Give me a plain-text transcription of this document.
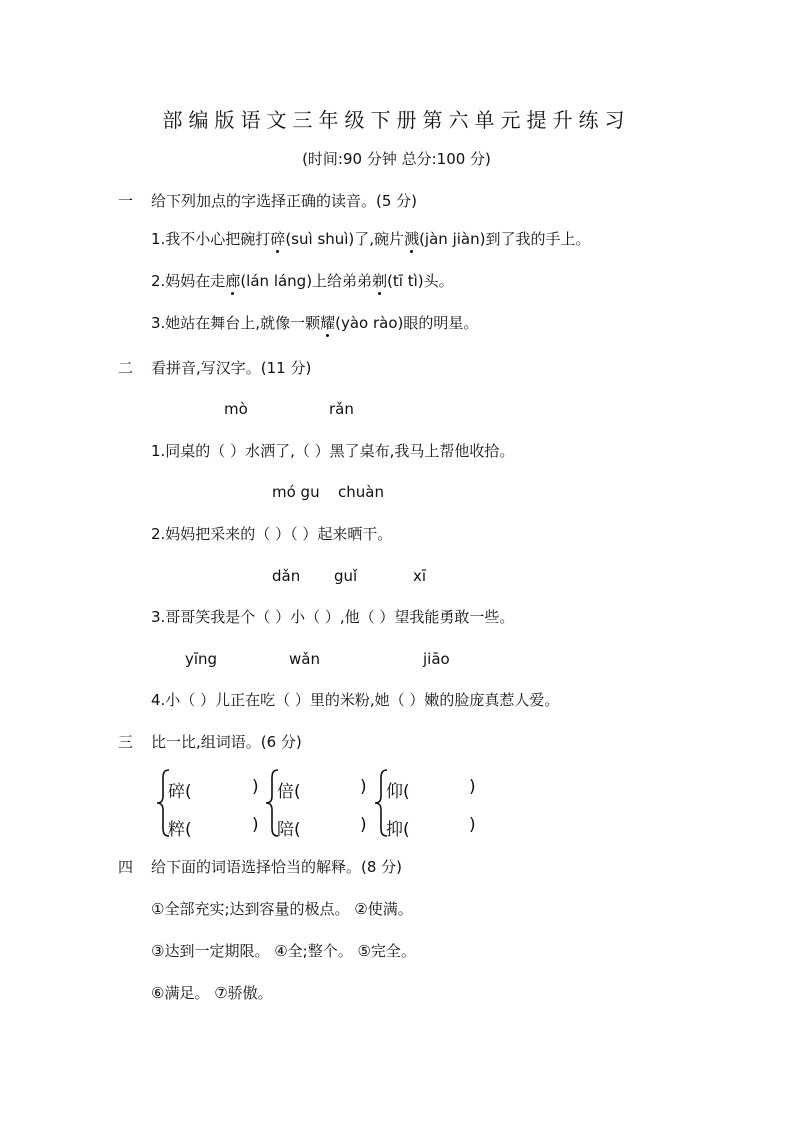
部编版语文三年级下册第六单元提升练习
(时间:90 分钟 总分:100 分)
一 给下列加点的字选择正确的读音。(5 分)
1.我不小心把碗打碎(suì shuì)了,碗片溅(jàn jiàn)到了我的手上。
2.妈妈在走廊(lán láng)上给弟弟剃(tī tì)头。
3.她站在舞台上,就像一颗耀(yào rào)眼的明星。
二 看拼音,写汉字。(11 分)
mò	rǎn
1.同桌的（ ）水洒了,（ ）黑了桌布,我马上帮他收拾。
mó gu chuàn
2.妈妈把采来的（ ）（ ）起来晒干。
dǎn guǐ	xī
3.哥哥笑我是个（ ）小（ ）,他（ ）望我能勇敢一些。
yīng	wǎn	jiāo
4.小（ ）儿正在吃（ ）里的米粉,她（ ）嫩的脸庞真惹人爱。
三 比一比,组词语。(6 分)
碎(	)
粹(	)
倍(	)
陪(	)
仰(	)
抑(	)
四 给下面的词语选择恰当的解释。(8 分)
①全部充实;达到容量的极点。 ②使满。
③达到一定期限。 ④全;整个。 ⑤完全。
⑥满足。 ⑦骄傲。
